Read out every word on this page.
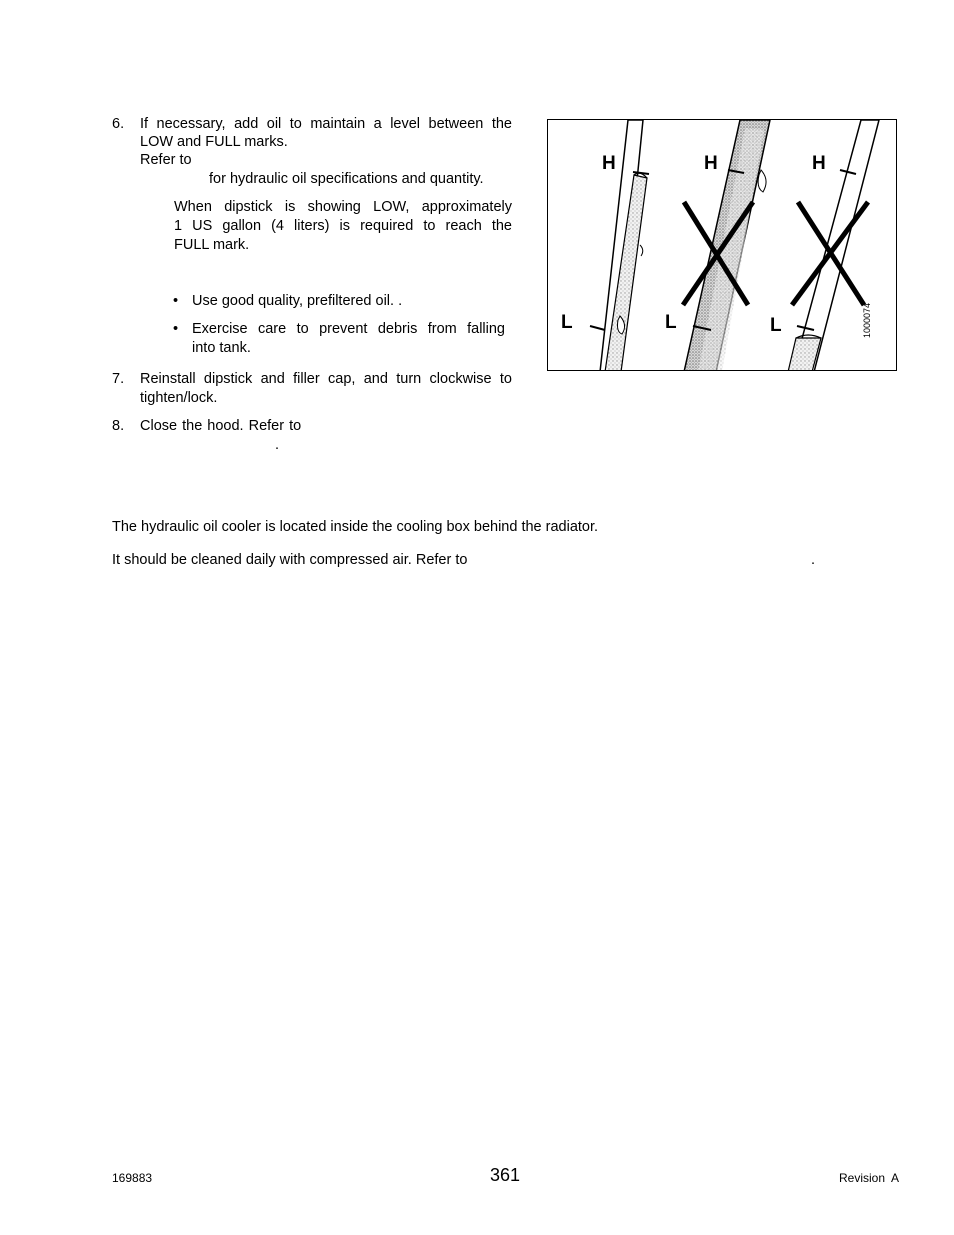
6. If necessary, add oil to maintain a level between the
LOW and FULL marks.
Refer to
for hydraulic oil specifications and quantity.
When dipstick is showing LOW, approximately
1 US gallon (4 liters) is required to reach the
FULL mark.
• Use good quality, prefiltered oil. .
• Exercise care to prevent debris from falling
into tank.
7. Reinstall dipstick and filler cap, and turn clockwise to
tighten/lock.
8. Close the hood. Refer to
.
The hydraulic oil cooler is located inside the cooling box behind the radiator.
It should be cleaned daily with compressed air. Refer to	.
H
L
H
L
H
L	1000074
169883	361	Revision  A
